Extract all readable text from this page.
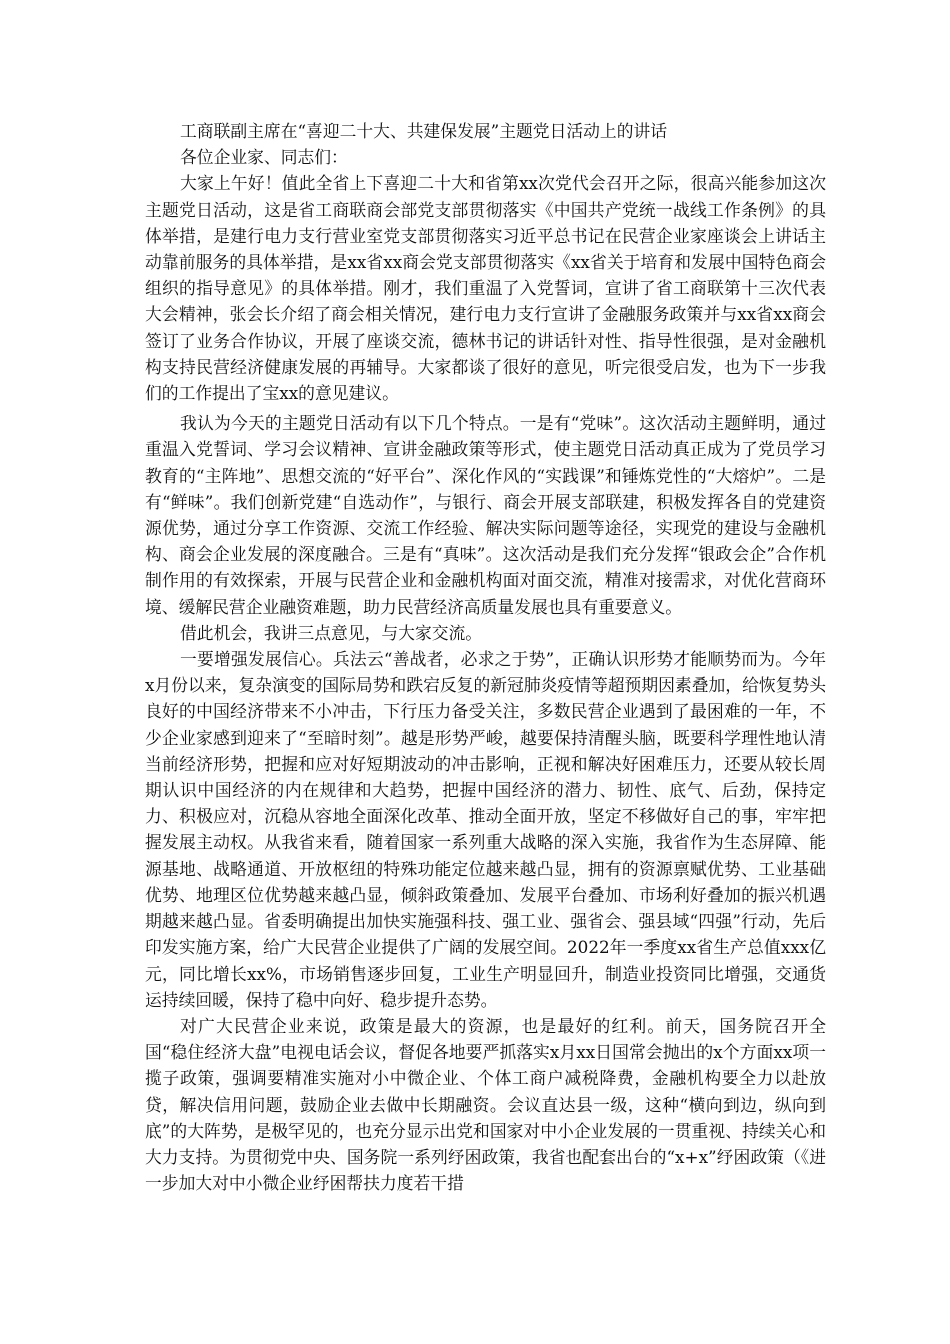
工商联副主席在“喜迎二十大、共建保发展”主题党日活动上的讲话

各位企业家、同志们：

大家上午好！值此全省上下喜迎二十大和省第xx次党代会召开之际，很高兴能参加这次主题党日活动，这是省工商联商会部党支部贯彻落实《中国共产党统一战线工作条例》的具体举措，是建行电力支行营业室党支部贯彻落实习近平总书记在民营企业家座谈会上讲话主动靠前服务的具体举措，是xx省xx商会党支部贯彻落实《xx省关于培育和发展中国特色商会组织的指导意见》的具体举措。刚才，我们重温了入党誓词，宣讲了省工商联第十三次代表大会精神，张会长介绍了商会相关情况，建行电力支行宣讲了金融服务政策并与xx省xx商会签订了业务合作协议，开展了座谈交流，德林书记的讲话针对性、指导性很强，是对金融机构支持民营经济健康发展的再辅导。大家都谈了很好的意见，听完很受启发，也为下一步我们的工作提出了宝xx的意见建议。

我认为今天的主题党日活动有以下几个特点。一是有“党味”。这次活动主题鲜明，通过重温入党誓词、学习会议精神、宣讲金融政策等形式，使主题党日活动真正成为了党员学习教育的“主阵地”、思想交流的“好平台”、深化作风的“实践课”和锤炼党性的“大熔炉”。二是有“鲜味”。我们创新党建“自选动作”，与银行、商会开展支部联建，积极发挥各自的党建资源优势，通过分享工作资源、交流工作经验、解决实际问题等途径，实现党的建设与金融机构、商会企业发展的深度融合。三是有“真味”。这次活动是我们充分发挥“银政会企”合作机制作用的有效探索，开展与民营企业和金融机构面对面交流，精准对接需求，对优化营商环境、缓解民营企业融资难题，助力民营经济高质量发展也具有重要意义。

借此机会，我讲三点意见，与大家交流。

一要增强发展信心。兵法云“善战者，必求之于势”，正确认识形势才能顺势而为。今年x月份以来，复杂演变的国际局势和跌宕反复的新冠肺炎疫情等超预期因素叠加，给恢复势头良好的中国经济带来不小冲击，下行压力备受关注，多数民营企业遇到了最困难的一年，不少企业家感到迎来了“至暗时刻”。越是形势严峻，越要保持清醒头脑，既要科学理性地认清当前经济形势，把握和应对好短期波动的冲击影响，正视和解决好困难压力，还要从较长周期认识中国经济的内在规律和大趋势，把握中国经济的潜力、韧性、底气、后劲，保持定力、积极应对，沉稳从容地全面深化改革、推动全面开放，坚定不移做好自己的事，牢牢把握发展主动权。从我省来看，随着国家一系列重大战略的深入实施，我省作为生态屏障、能源基地、战略通道、开放枢纽的特殊功能定位越来越凸显，拥有的资源禀赋优势、工业基础优势、地理区位优势越来越凸显，倾斜政策叠加、发展平台叠加、市场利好叠加的振兴机遇期越来越凸显。省委明确提出加快实施强科技、强工业、强省会、强县域“四强”行动，先后印发实施方案，给广大民营企业提供了广阔的发展空间。2022年一季度xx省生产总值xxx亿元，同比增长xx%，市场销售逐步回复，工业生产明显回升，制造业投资同比增强，交通货运持续回暖，保持了稳中向好、稳步提升态势。

对广大民营企业来说，政策是最大的资源，也是最好的红利。前天，国务院召开全国“稳住经济大盘”电视电话会议，督促各地要严抓落实x月xx日国常会抛出的x个方面xx项一揽子政策，强调要精准实施对小中微企业、个体工商户减税降费，金融机构要全力以赴放贷，解决信用问题，鼓励企业去做中长期融资。会议直达县一级，这种“横向到边，纵向到底”的大阵势，是极罕见的，也充分显示出党和国家对中小企业发展的一贯重视、持续关心和大力支持。为贯彻党中央、国务院一系列纾困政策，我省也配套出台的“x+x”纾困政策（《进一步加大对中小微企业纾困帮扶力度若干措
